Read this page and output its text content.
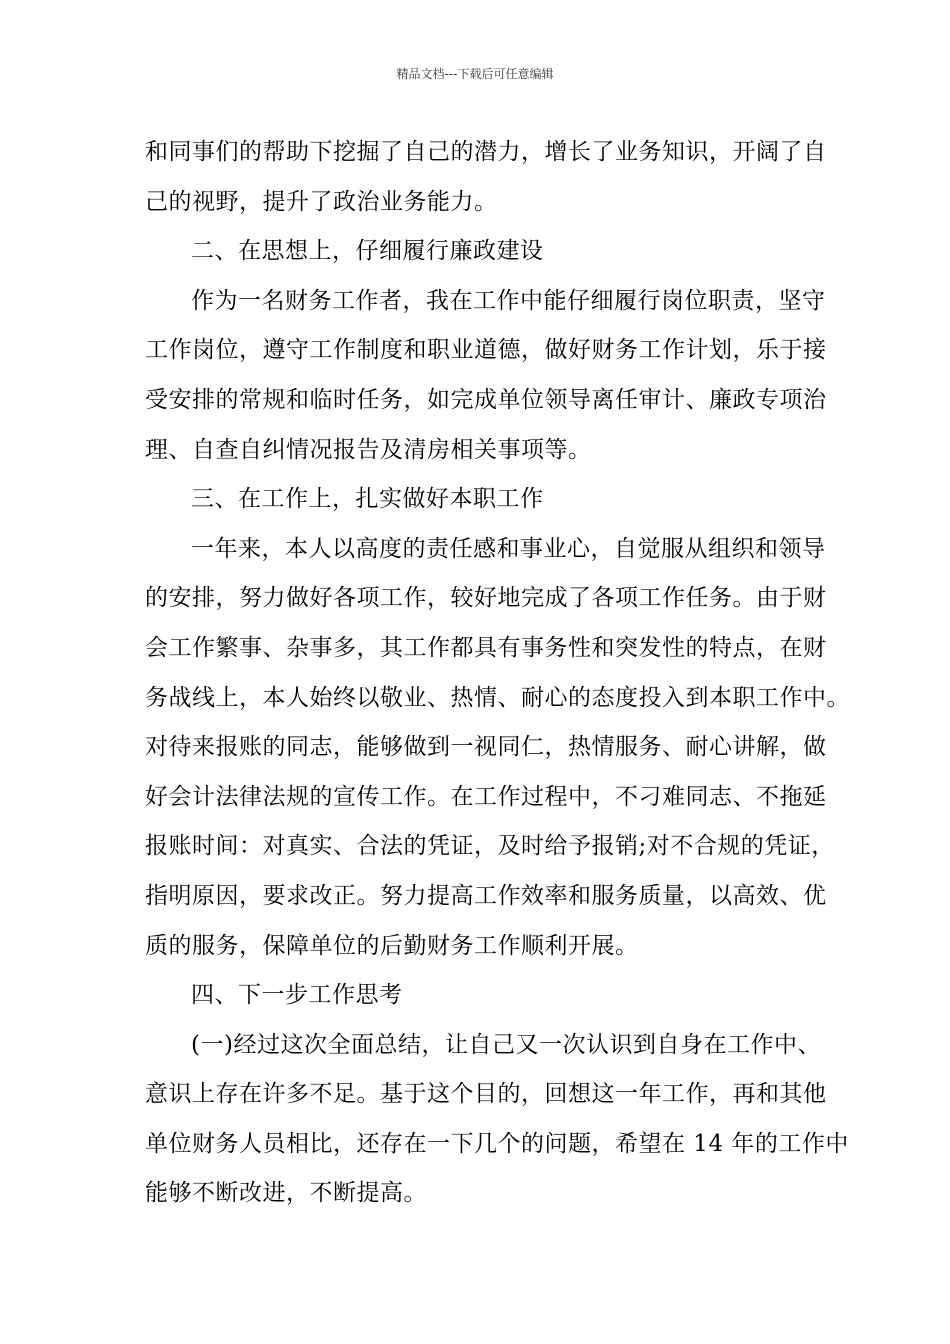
精品文档---下载后可任意编辑
和同事们的帮助下挖掘了自己的潜力，增长了业务知识，开阔了自
己的视野，提升了政治业务能力。
二、在思想上，仔细履行廉政建设
作为一名财务工作者，我在工作中能仔细履行岗位职责，坚守
工作岗位，遵守工作制度和职业道德，做好财务工作计划，乐于接
受安排的常规和临时任务，如完成单位领导离任审计、廉政专项治
理、自查自纠情况报告及清房相关事项等。
三、在工作上，扎实做好本职工作
一年来，本人以高度的责任感和事业心，自觉服从组织和领导
的安排，努力做好各项工作，较好地完成了各项工作任务。由于财
会工作繁事、杂事多，其工作都具有事务性和突发性的特点，在财
务战线上，本人始终以敬业、热情、耐心的态度投入到本职工作中。
对待来报账的同志，能够做到一视同仁，热情服务、耐心讲解，做
好会计法律法规的宣传工作。在工作过程中，不刁难同志、不拖延
报账时间：对真实、合法的凭证，及时给予报销;对不合规的凭证，
指明原因，要求改正。努力提高工作效率和服务质量，以高效、优
质的服务，保障单位的后勤财务工作顺利开展。
四、下一步工作思考
(一)经过这次全面总结，让自己又一次认识到自身在工作中、
意识上存在许多不足。基于这个目的，回想这一年工作，再和其他
单位财务人员相比，还存在一下几个的问题，希望在 14 年的工作中
能够不断改进，不断提高。
